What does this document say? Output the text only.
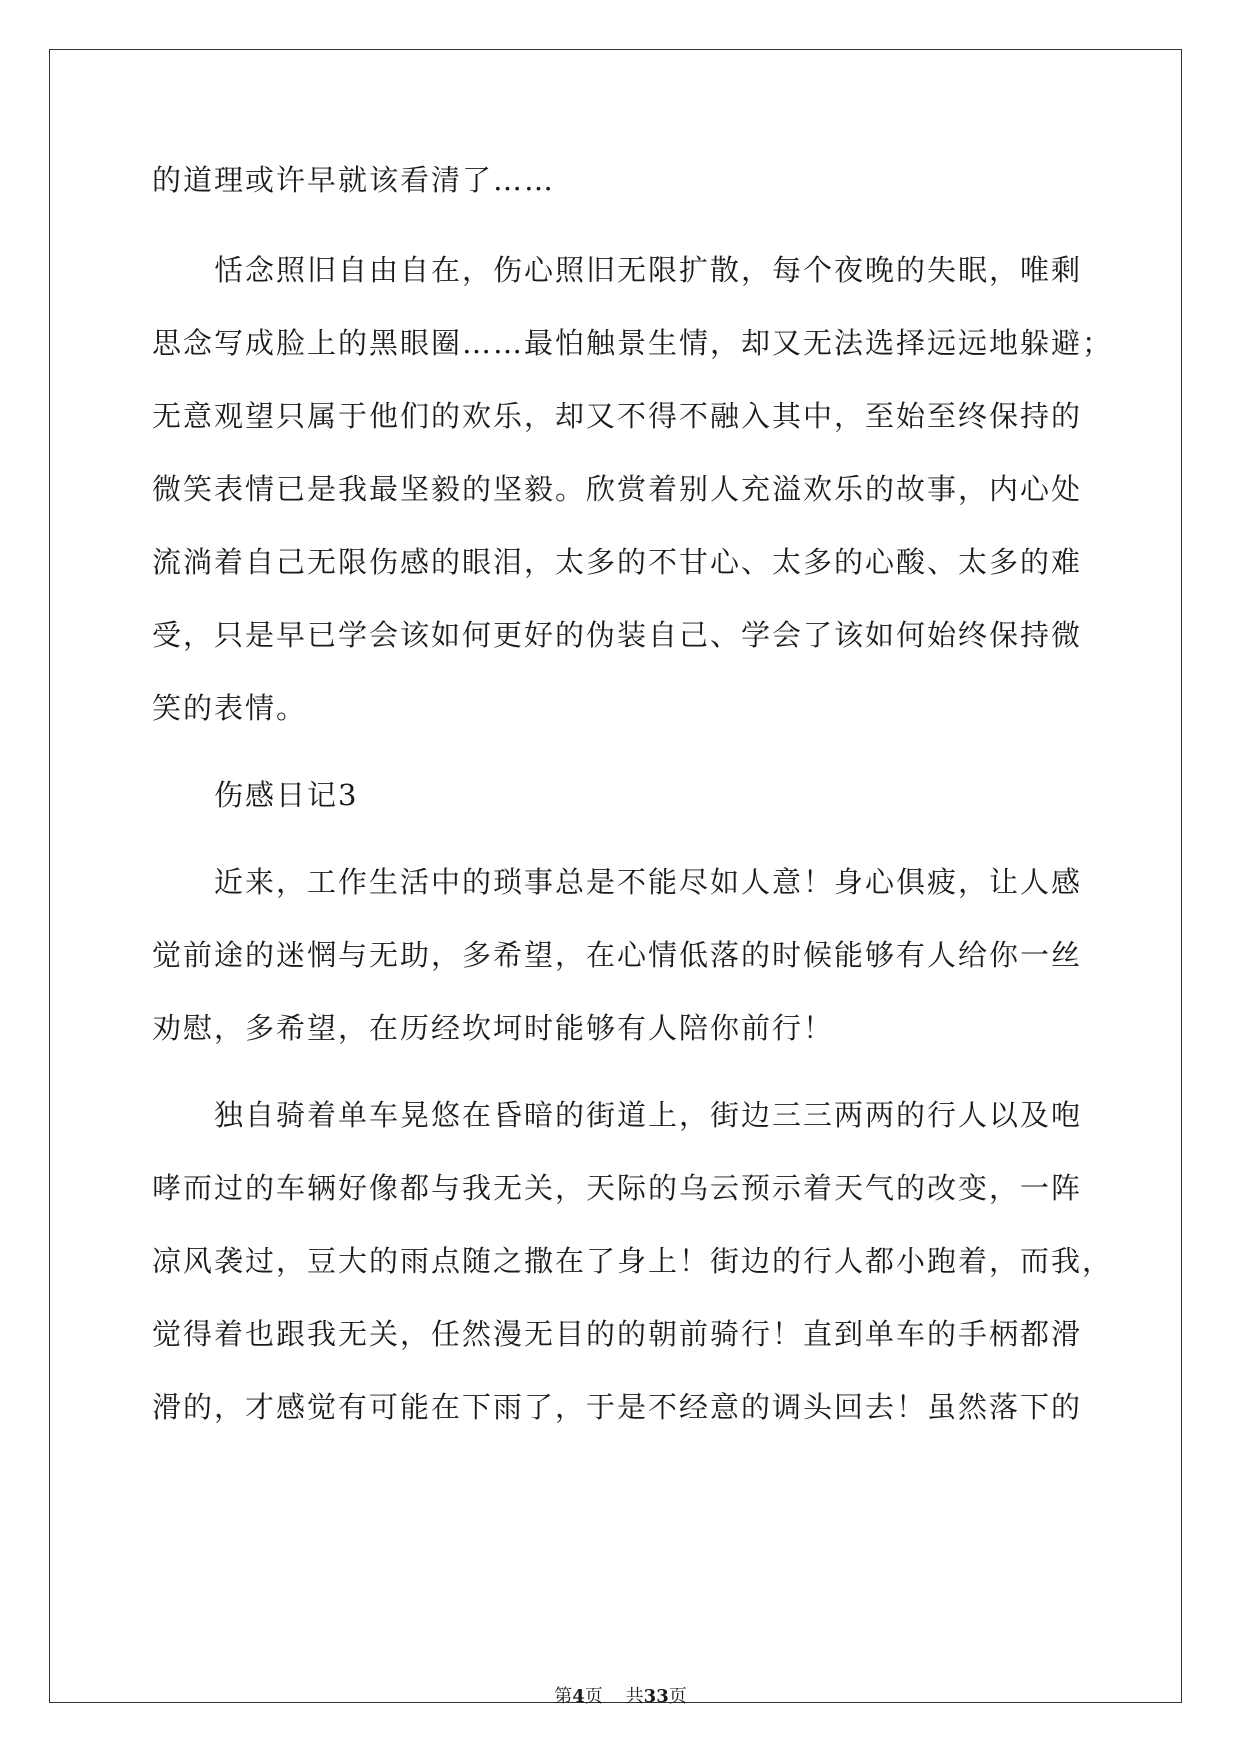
的道理或许早就该看清了……
　　恬念照旧自由自在，伤心照旧无限扩散，每个夜晚的失眠，唯剩
思念写成脸上的黑眼圈……最怕触景生情，却又无法选择远远地躲避；
无意观望只属于他们的欢乐，却又不得不融入其中，至始至终保持的
微笑表情已是我最坚毅的坚毅。欣赏着别人充溢欢乐的故事，内心处
流淌着自己无限伤感的眼泪，太多的不甘心、太多的心酸、太多的难
受，只是早已学会该如何更好的伪装自己、学会了该如何始终保持微
笑的表情。
　　伤感日记3
　　近来，工作生活中的琐事总是不能尽如人意！身心俱疲，让人感
觉前途的迷惘与无助，多希望，在心情低落的时候能够有人给你一丝
劝慰，多希望，在历经坎坷时能够有人陪你前行！
　　独自骑着单车晃悠在昏暗的街道上，街边三三两两的行人以及咆
哮而过的车辆好像都与我无关，天际的乌云预示着天气的改变，一阵
凉风袭过，豆大的雨点随之撒在了身上！街边的行人都小跑着，而我，
觉得着也跟我无关，任然漫无目的的朝前骑行！直到单车的手柄都滑
滑的，才感觉有可能在下雨了，于是不经意的调头回去！虽然落下的
第4页 共33页
